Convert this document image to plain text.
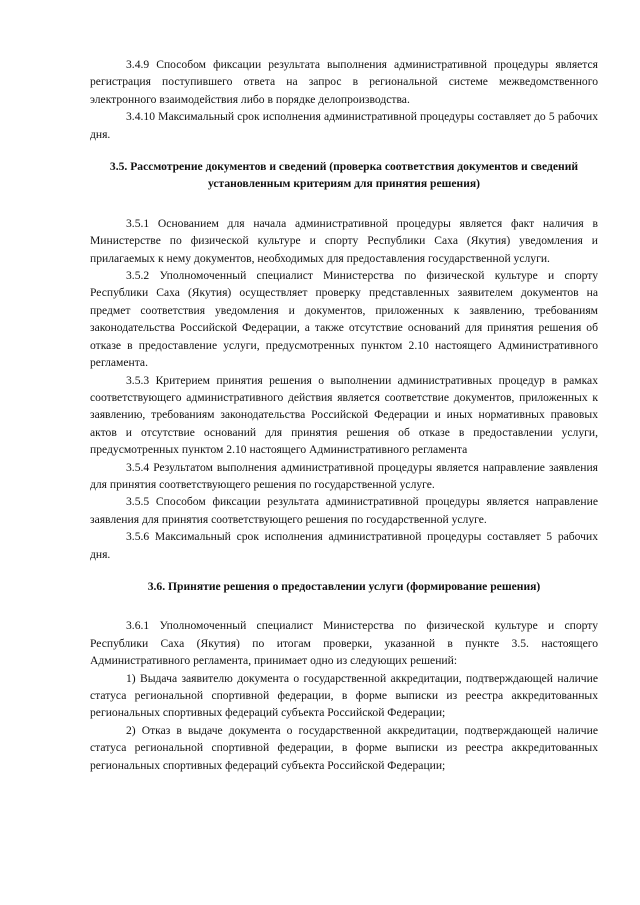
3.4.9 Способом фиксации результата выполнения административной процедуры является регистрация поступившего ответа на запрос в региональной системе межведомственного электронного взаимодействия либо в порядке делопроизводства.

3.4.10 Максимальный срок исполнения административной процедуры составляет до 5 рабочих дня.

3.5. Рассмотрение документов и сведений (проверка соответствия документов и сведений установленным критериям для принятия решения)

3.5.1 Основанием для начала административной процедуры является факт наличия в Министерстве по физической культуре и спорту Республики Саха (Якутия) уведомления и прилагаемых к нему документов, необходимых для предоставления государственной услуги.

3.5.2 Уполномоченный специалист Министерства по физической культуре и спорту Республики Саха (Якутия) осуществляет проверку представленных заявителем документов на предмет соответствия уведомления и документов, приложенных к заявлению, требованиям законодательства Российской Федерации, а также отсутствие оснований для принятия решения об отказе в предоставление услуги, предусмотренных пунктом 2.10 настоящего Административного регламента.

3.5.3 Критерием принятия решения о выполнении административных процедур в рамках соответствующего административного действия является соответствие документов, приложенных к заявлению, требованиям законодательства Российской Федерации и иных нормативных правовых актов и отсутствие оснований для принятия решения об отказе в предоставлении услуги, предусмотренных пунктом 2.10 настоящего Административного регламента

3.5.4 Результатом выполнения административной процедуры является направление заявления для принятия соответствующего решения по государственной услуге.

3.5.5 Способом фиксации результата административной процедуры является направление заявления для принятия соответствующего решения по государственной услуге.

3.5.6 Максимальный срок исполнения административной процедуры составляет 5 рабочих дня.

3.6. Принятие решения о предоставлении услуги (формирование решения)

3.6.1 Уполномоченный специалист Министерства по физической культуре и спорту Республики Саха (Якутия) по итогам проверки, указанной в пункте 3.5. настоящего Административного регламента, принимает одно из следующих решений:

1) Выдача заявителю документа о государственной аккредитации, подтверждающей наличие статуса региональной спортивной федерации, в форме выписки из реестра аккредитованных региональных спортивных федераций субъекта Российской Федерации;

2) Отказ в выдаче документа о государственной аккредитации, подтверждающей наличие статуса региональной спортивной федерации, в форме выписки из реестра аккредитованных региональных спортивных федераций субъекта Российской Федерации;
